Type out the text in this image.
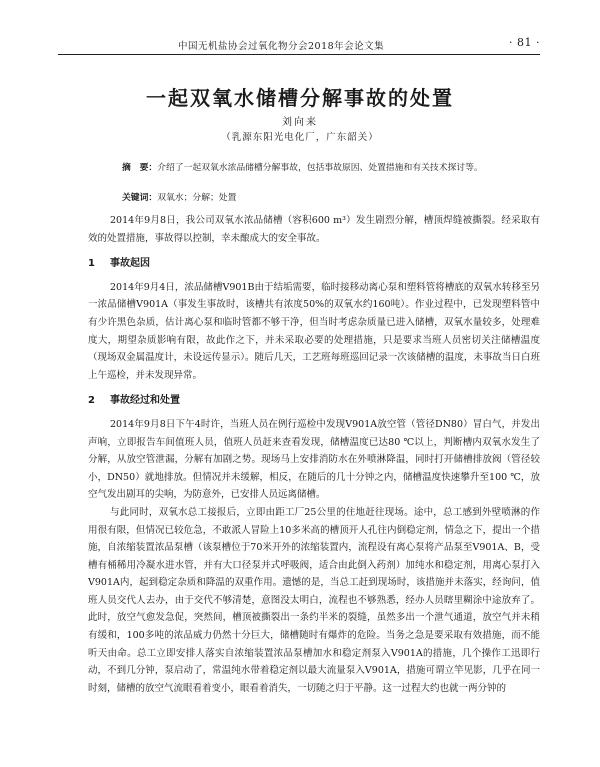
中国无机盐协会过氧化物分会2018年会论文集	· 81 ·
一起双氧水储槽分解事故的处置
刘向来
（乳源东阳光电化厂，广东韶关）
摘　要：介绍了一起双氧水浓品储槽分解事故，包括事故原因、处置措施和有关技术探讨等。
关键词：双氧水；分解；处置

2014年9月8日，我公司双氧水浓品储槽（容积600 m³）发生剧烈分解，槽顶焊缝被撕裂。经采取有效的处置措施，事故得以控制，幸未酿成大的安全事故。

1 事故起因

2014年9月4日，浓品储槽V901B由于结垢需要，临时接移动离心泵和塑料管将槽底的双氧水转移至另一浓品储槽V901A（事发生事故时，该槽共有浓度50%的双氧水约160吨）。作业过程中，已发现塑料管中有少许黑色杂质，估计离心泵和临时管都不够干净，但当时考虑杂质量已进入储槽，双氧水量较多，处理难度大，期望杂质影响有限，故此作之下，并未采取必要的处理措施，只是要求当班人员密切关注储槽温度（现场双金属温度计，未设远传显示）。随后几天，工艺班每班巡回记录一次该储槽的温度，未事故当日白班上午巡检，并未发现异常。

2 事故经过和处置

2014年9月8日下午4时许，当班人员在例行巡检中发现V901A放空管（管径DN80）冒白气，并发出声响，立即报告车间值班人员，值班人员赶来查看发现，储槽温度已达80 ℃以上，判断槽内双氧水发生了分解，从放空管泄漏，分解有加剧之势。现场马上安排消防水在外喷淋降温，同时打开储槽排放阀（管径较小，DN50）就地排放。但情况并未缓解，相反，在随后的几十分钟之内，储槽温度快速攀升至100 ℃，放空气发出剧耳的尖响，为防意外，已安排人员远离储槽。

与此同时，双氧水总工接报后，立即由距工厂25公里的住地赶往现场。途中，总工感到外壁喷淋的作用很有限，但情况已较危急，不敢派人冒险上10多米高的槽顶开人孔往内倒稳定剂，情急之下，提出一个措施，自浓缩装置浓品泵槽（该泵槽位于70米开外的浓缩装置内，流程设有离心泵将产品泵至V901A、B，受槽有桶稀用冷凝水进水管，并有大口径泵并式呼吸阀，适合由此倒入药剂）加纯水和稳定剂，用离心泵打入V901A内，起到稳定杂质和降温的双重作用。遗憾的是，当总工赶到现场时，该措施并未落实，经询问，值班人员交代人去办，由于交代不够清楚，意图没太明白，流程也不够熟悉，经办人员瞎里糊涂中途放弃了。此时，放空气愈发急促，突然间，槽顶被撕裂出一条约半米的裂缝，虽然多出一个泄气通道，放空气并未稍有缓和，100多吨的浓品威力仍然十分巨大，储槽随时有爆炸的危险。当务之急是要采取有效措施，而不能听天由命。总工立即安排人落实自浓缩装置浓品泵槽加水和稳定剂泵入V901A的措施，几个操作工迅即行动，不到几分钟，泵启动了，常温纯水带着稳定剂以最大流量泵入V901A，措施可谓立竿见影，几乎在同一时刻，储槽的放空气流眼看着变小，眼看着消失，一切随之归于平静。这一过程大约也就一两分钟的
